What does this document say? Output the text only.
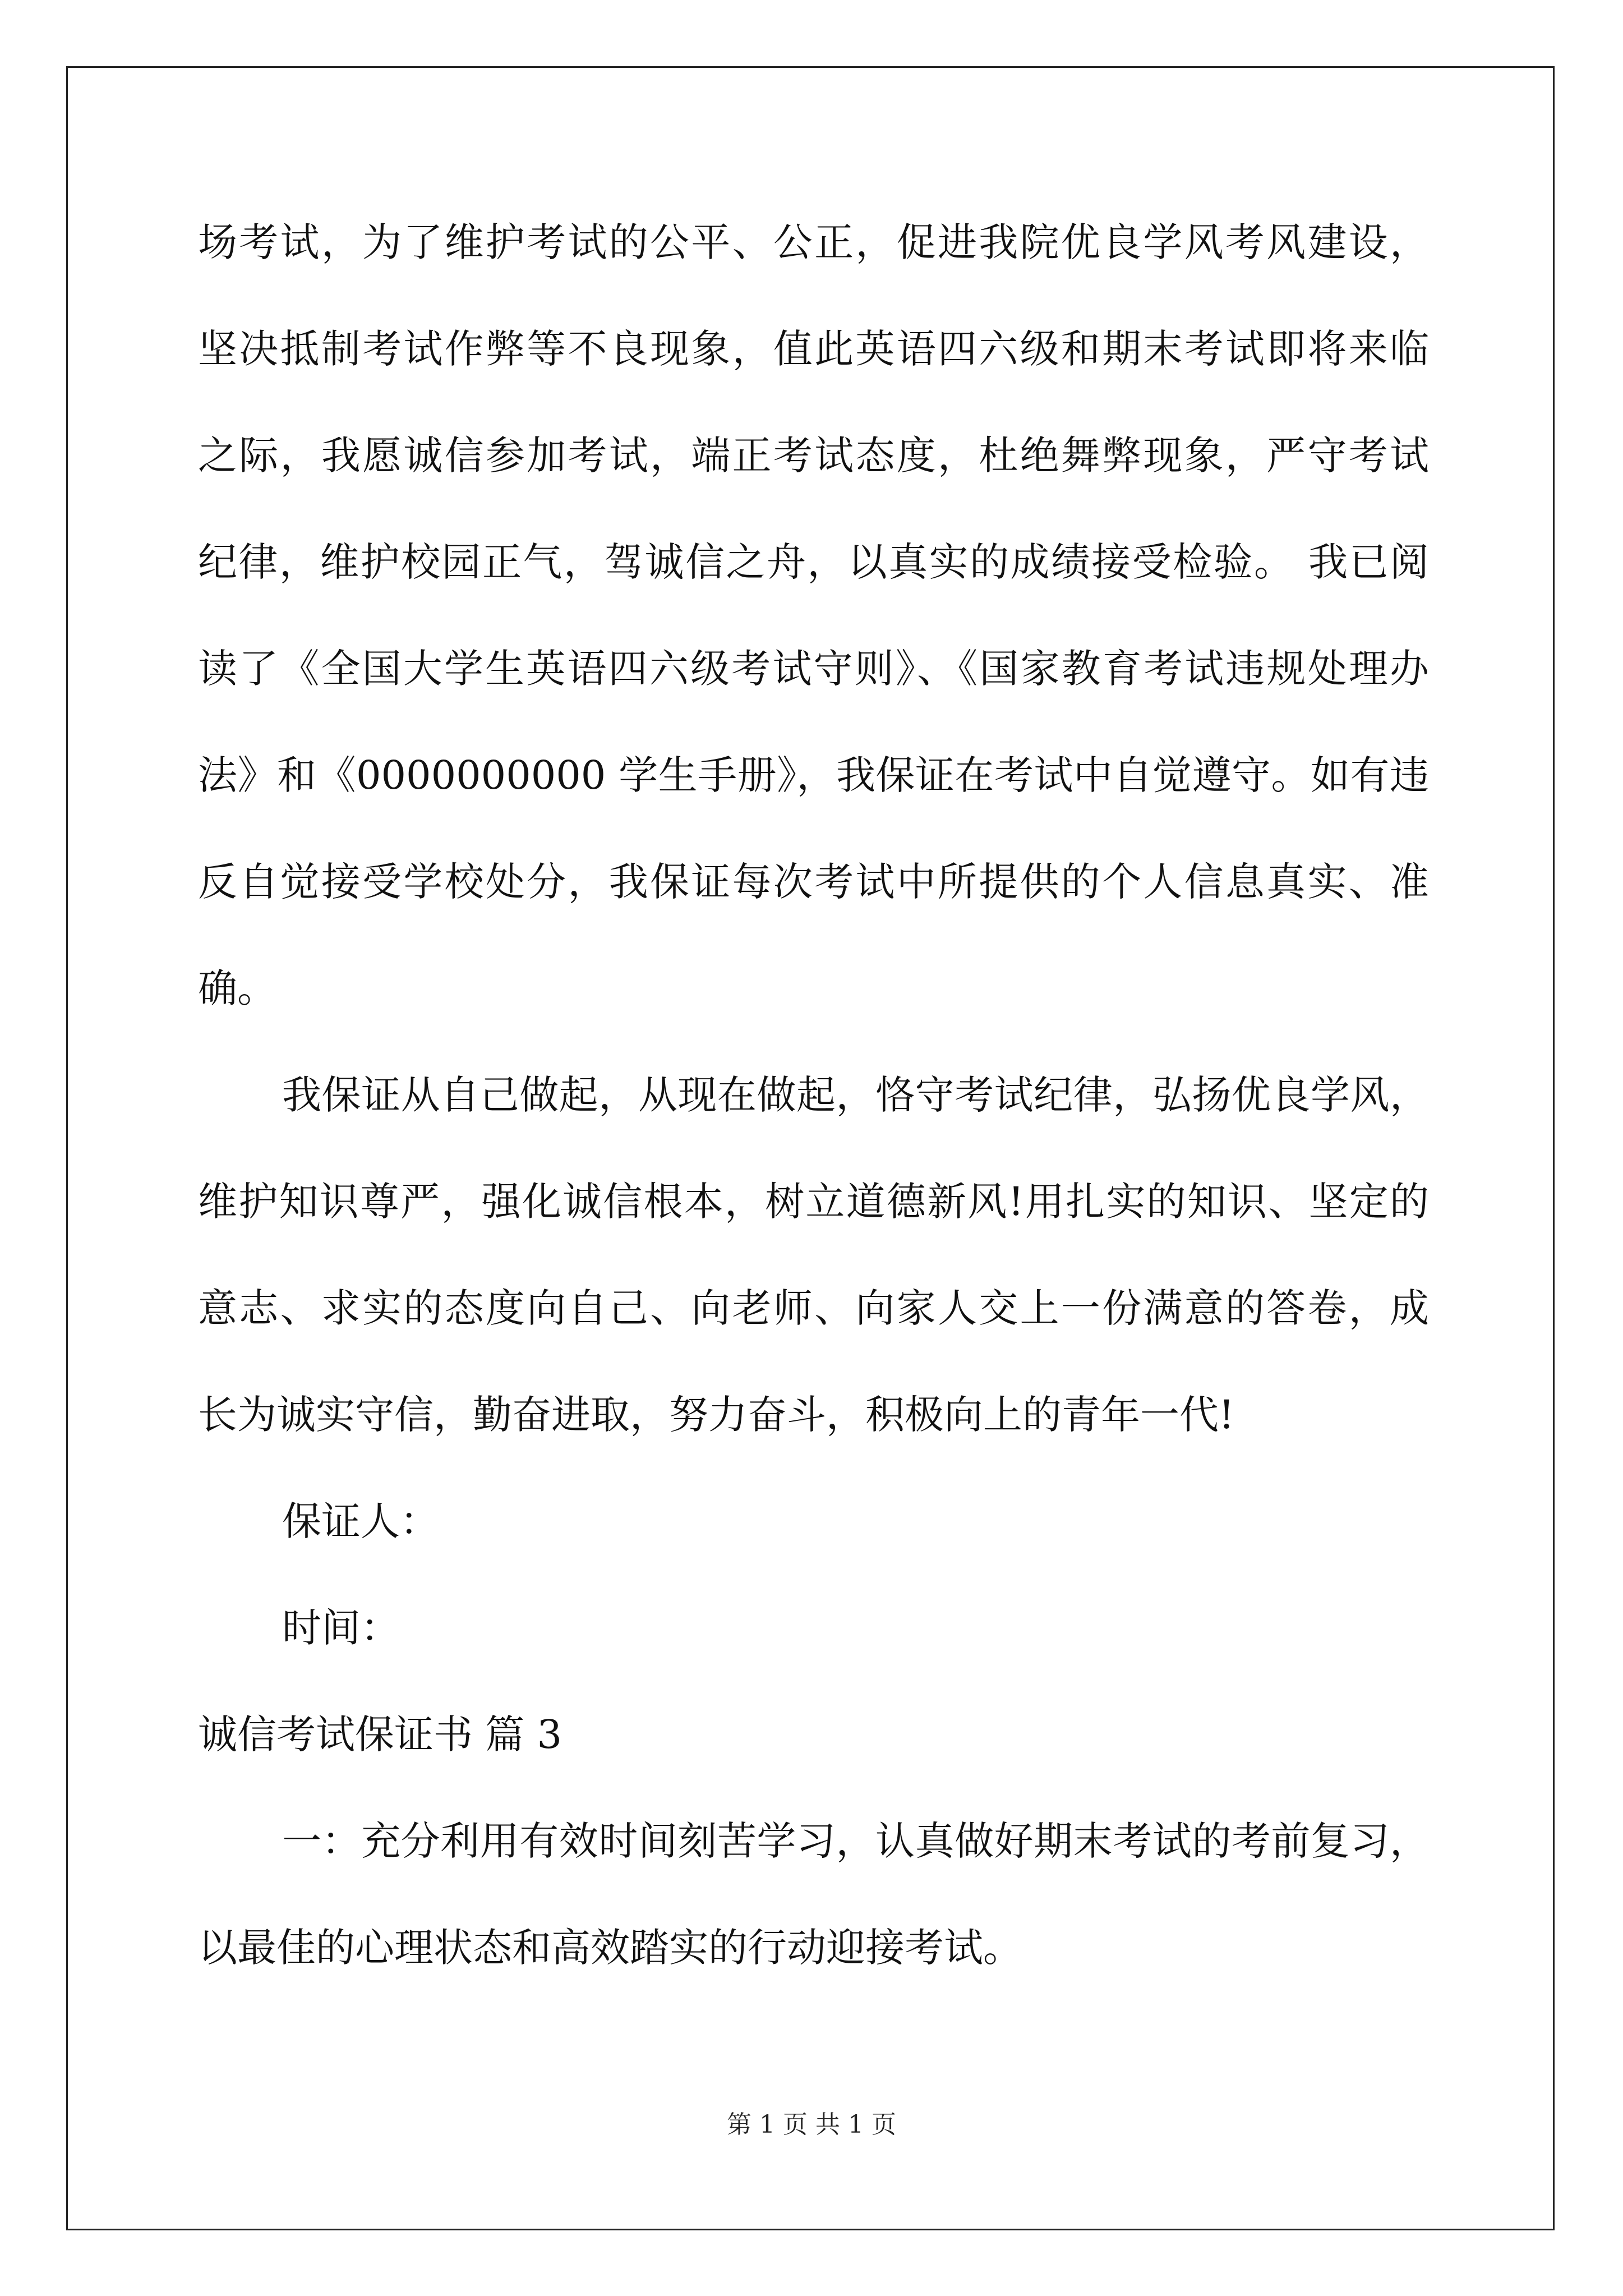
场考试，为了维护考试的公平、公正，促进我院优良学风考风建设，
坚决抵制考试作弊等不良现象，值此英语四六级和期末考试即将来临
之际，我愿诚信参加考试，端正考试态度，杜绝舞弊现象，严守考试
纪律，维护校园正气，驾诚信之舟，以真实的成绩接受检验。 我已阅
读了《全国大学生英语四六级考试守则》、《国家教育考试违规处理办
法》和《0000000000 学生手册》，我保证在考试中自觉遵守。如有违
反自觉接受学校处分，我保证每次考试中所提供的个人信息真实、准
确。
我保证从自己做起，从现在做起，恪守考试纪律，弘扬优良学风，
维护知识尊严，强化诚信根本，树立道德新风!用扎实的知识、坚定的
意志、求实的态度向自己、向老师、向家人交上一份满意的答卷，成
长为诚实守信，勤奋进取，努力奋斗，积极向上的青年一代!
保证人：
时间：
诚信考试保证书 篇 3
一：充分利用有效时间刻苦学习，认真做好期末考试的考前复习，
以最佳的心理状态和高效踏实的行动迎接考试。
第 1 页 共 1 页
